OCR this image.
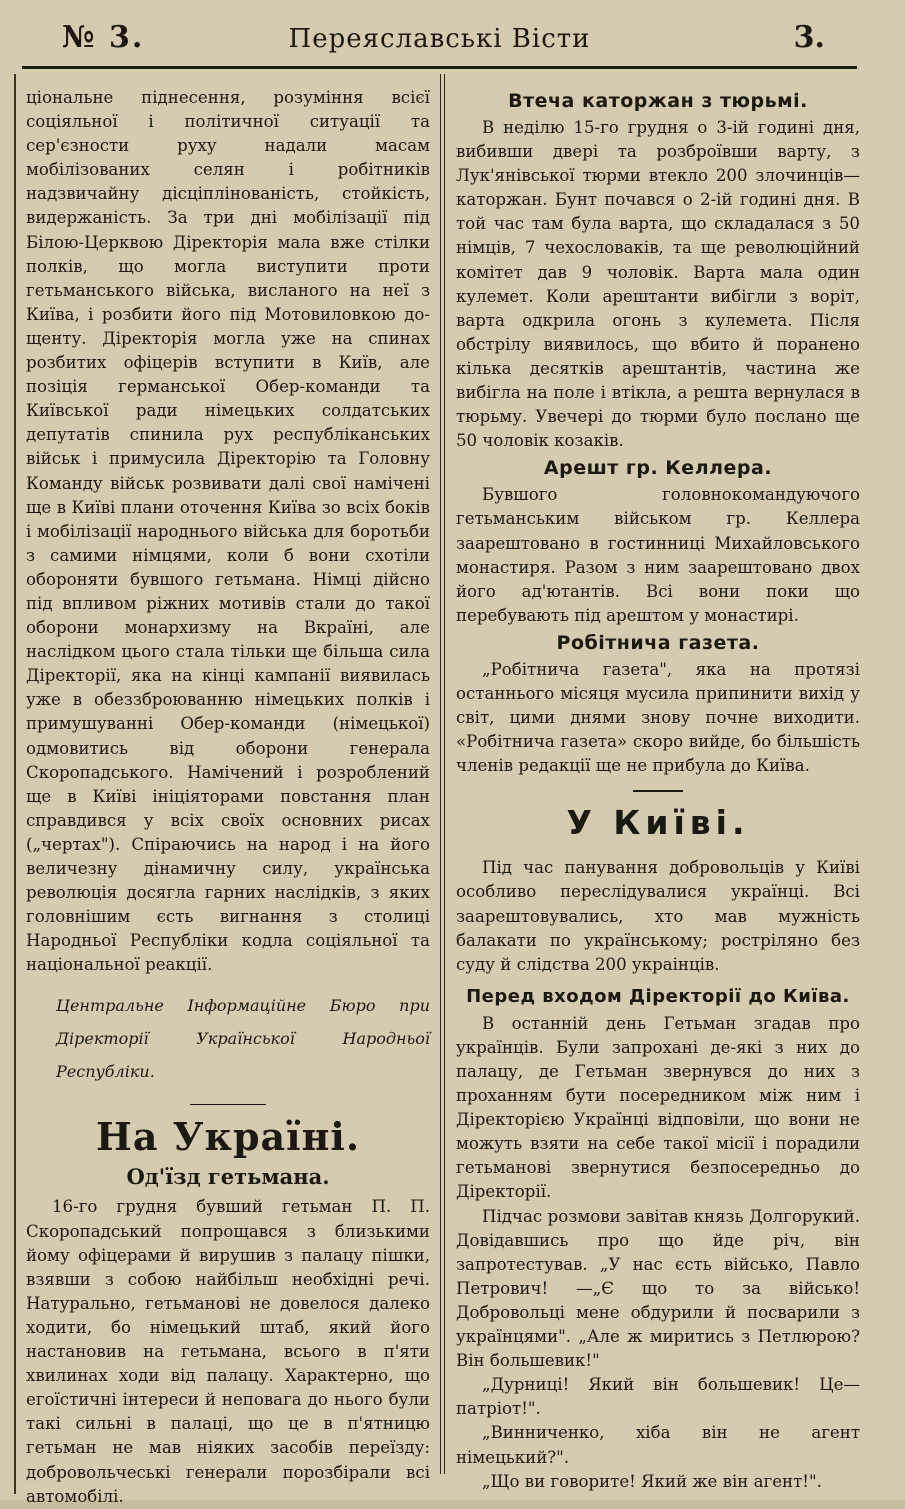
№ 3.	Переяславські Вісти	3.

ціональне піднесення, розуміння всієї соціяльної і політичної ситуації та сер'єзности руху надали масам мобілізованих селян і робітників надзвичайну дісціплінованість, стойкість, видержаність. За три дні мобілізації під Білою-Церквою Діректорія мала вже стілки полків, що могла виступити проти гетьманського війська, висланого на неї з Київа, і розбити його під Мотовиловкою до-щенту. Діректорія могла уже на спинах розбитих офіцерів вступити в Київ, але позіція германської Обер-команди та Київської ради німецьких солдатських депутатів спинила рух республіканських військ і примусила Діректорію та Головну Команду військ розвивати далі свої намічені ще в Київі плани оточення Київа зо всіх боків і мобілізації народнього війська для боротьби з самими німцями, коли б вони схотіли обороняти бувшого гетьмана. Німці дійсно під впливом ріжних мотивів стали до такої оборони монархизму на Вкраїні, але наслідком цього стала тільки ще більша сила Діректорії, яка на кінці кампанії виявилась уже в обеззброюванню німецьких полків і примушуванні Обер-команди (німецької) одмовитись від оборони генерала Скоропадського. Намічений і розроблений ще в Київі ініціяторами повстання план справдився у всіх своїх основних рисах („чертах"). Спіраючись на народ і на його величезну дінамичну силу, українська революція досягла гарних наслідків, з яких головнішим єсть вигнання з столиці Народньої Республіки кодла соціяльної та національної реакції.

Центральне Інформаційне Бюро при Діректорії Української Народньої Республіки.

На Україні.
Од'їзд гетьмана.

16-го грудня бувший гетьман П. П. Скоропадський попрощався з близькими йому офіцерами й вирушив з палацу пішки, взявши з собою найбільш необхідні речі. Натурально, гетьманові не довелося далеко ходити, бо німецький штаб, який його настановив на гетьмана, всього в п'яти хвилинах ходи від палацу. Характерно, що егоїстичні інтереси й неповага до нього були такі сильні в палаці, що це в п'ятницю гетьман не мав ніяких засобів переїзду: добровольчеські генерали порозбірали всі автомобілі.

Втеча каторжан з тюрьмі.

В неділю 15-го грудня о 3-ій годині дня, вибивши двері та розброївши варту, з Лук'янівської тюрми втекло 200 злочинців—каторжан. Бунт почався о 2-ій годині дня. В той час там була варта, що складалася з 50 німців, 7 чехословаків, та ще революційний комітет дав 9 чоловік. Варта мала один кулемет. Коли арештанти вибігли з воріт, варта одкрила огонь з кулемета. Після обстрілу виявилось, що вбито й поранено кілька десятків арештантів, частина же вибігла на поле і втікла, а решта вернулася в тюрьму. Увечері до тюрми було послано ще 50 чоловік козаків.

Арешт гр. Келлера.

Бувшого головнокомандуючого гетьманським військом гр. Келлера заарештовано в гостинниці Михайловського монастиря. Разом з ним заарештовано двох його ад'ютантів. Всі вони поки що перебувають під арештом у монастирі.

Робітнича газета.

„Робітнича газета", яка на протязі останнього місяця мусила припинити вихід у світ, цими днями знову почне виходити. «Робітнича газета» скоро вийде, бо більшість членів редакції ще не прибула до Київа.

У Київі.

Під час панування добровольців у Київі особливо переслідувалися українці. Всі заарештовувались, хто мав мужність балакати по українському; ростріляно без суду й слідства 200 украінців.

Перед входом Діректорії до Київа.

В останній день Гетьман згадав про українців. Були запрохані де-які з них до палацу, де Гетьман звернувся до них з проханням бути посередником між ним і Діректорією Українці відповіли, що вони не можуть взяти на себе такої місії і порадили гетьманові звернутися безпосередньо до Діректорії.

Підчас розмови завітав князь Долгорукий. Довідавшись про що йде річ, він запротестував. „У нас єсть військо, Павло Петрович! —„Є що то за військо! Добровольці мене обдурили й посварили з українцями". „Але ж миритись з Петлюрою? Він большевик!"

„Дурниці! Який він большевик! Це—патріот!".

„Винниченко, хіба він не агент німецький?".

„Що ви говорите! Який же він агент!".
